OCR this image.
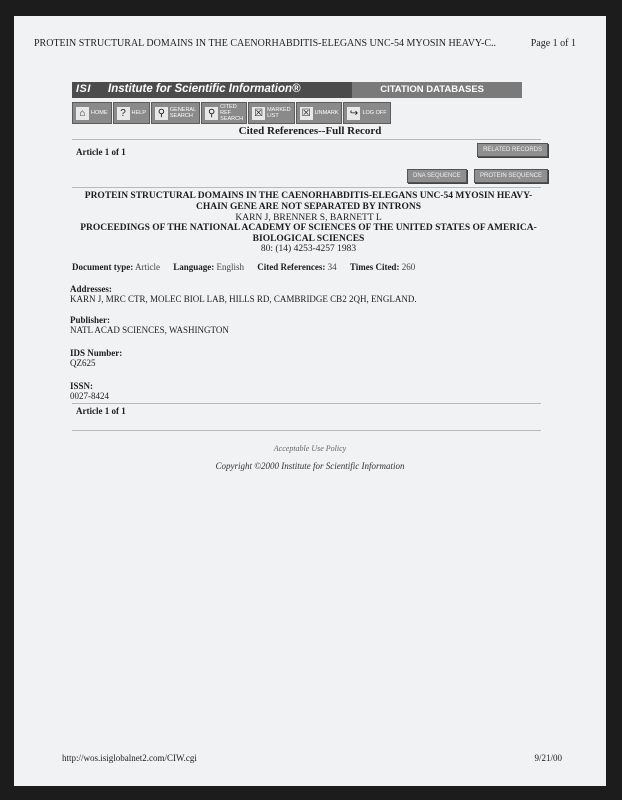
PROTEIN STRUCTURAL DOMAINS IN THE CAENORHABDITIS-ELEGANS UNC-54 MYOSIN HEAVY-C..	Page 1 of 1
ISI Institute for Scientific Information®	CITATION DATABASES
⌂ HOME	?	HELP ⚲ GENERAL
SEARCH	⚲
CITED
REF
SEARCH
☒ MARKED
LIST	☒ UNMARK ↪ LOG OFF
Cited References--Full Record
Article 1 of 1	RELATED RECORDS
DNA SEQUENCE	PROTEIN SEQUENCE
PROTEIN STRUCTURAL DOMAINS IN THE CAENORHABDITIS-ELEGANS UNC-54 MYOSIN HEAVY-
CHAIN GENE ARE NOT SEPARATED BY INTRONS
KARN J, BRENNER S, BARNETT L
PROCEEDINGS OF THE NATIONAL ACADEMY OF SCIENCES OF THE UNITED STATES OF AMERICA-
BIOLOGICAL SCIENCES
80: (14) 4253-4257 1983
Document type: Article Language: English Cited References: 34 Times Cited: 260
Addresses:
KARN J, MRC CTR, MOLEC BIOL LAB, HILLS RD, CAMBRIDGE CB2 2QH, ENGLAND.
Publisher:
NATL ACAD SCIENCES, WASHINGTON
IDS Number:
QZ625
ISSN:
0027-8424
Article 1 of 1
Acceptable Use Policy
Copyright ©2000 Institute for Scientific Information
http://wos.isiglobalnet2.com/CIW.cgi	9/21/00
